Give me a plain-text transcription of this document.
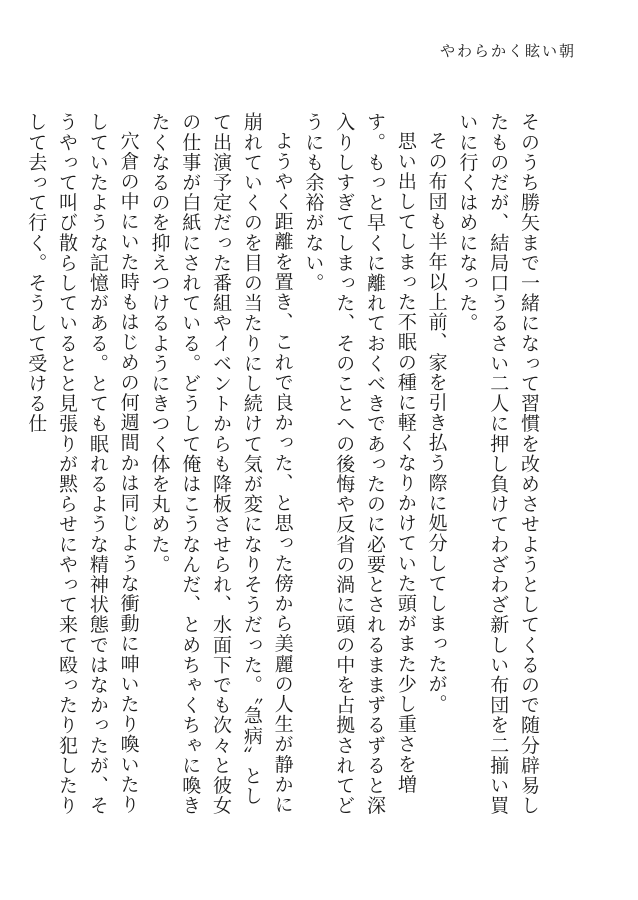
やわらかく眩い朝

そのうち勝矢まで一緒になって習慣を改めさせようとしてくるので随分辟易したものだが、結局口うるさい二人に押し負けてわざわざ新しい布団を二揃い買いに行くはめになった。

その布団も半年以上前、家を引き払う際に処分してしまったが。

思い出してしまった不眠の種に軽くなりかけていた頭がまた少し重さを増す。もっと早くに離れておくべきであったのに必要とされるままずるずると深入りしすぎてしまった、そのことへの後悔や反省の渦に頭の中を占拠されてどうにも余裕がない。

ようやく距離を置き、これで良かった、と思った傍から美麗の人生が静かに崩れていくのを目の当たりにし続けて気が変になりそうだった。〝急病〟として出演予定だった番組やイベントからも降板させられ、水面下でも次々と彼女の仕事が白紙にされている。どうして俺はこうなんだ、とめちゃくちゃに喚きたくなるのを抑えつけるようにきつく体を丸めた。

穴倉の中にいた時もはじめの何週間かは同じような衝動に呻いたり喚いたりしていたような記憶がある。とても眠れるような精神状態ではなかったが、そうやって叫び散らしているとと見張りが黙らせにやって来て殴ったり犯したりして去って行く。そうして受ける仕
